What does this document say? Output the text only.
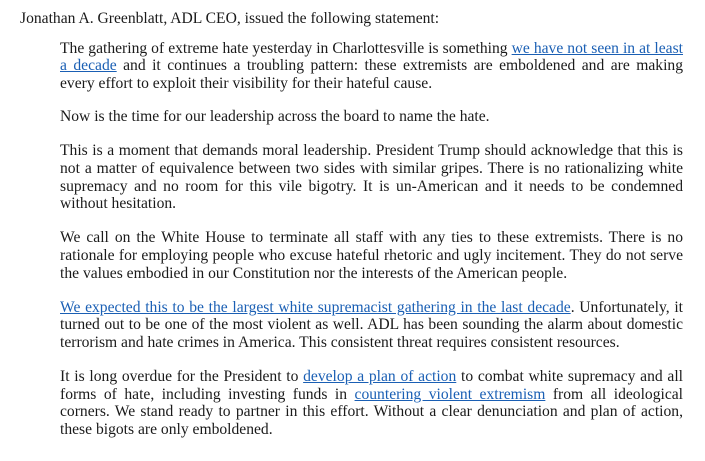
Jonathan A. Greenblatt, ADL CEO, issued the following statement:

The gathering of extreme hate yesterday in Charlottesville is something we have not seen in at least a decade and it continues a troubling pattern: these extremists are emboldened and are making every effort to exploit their visibility for their hateful cause.

Now is the time for our leadership across the board to name the hate.

This is a moment that demands moral leadership. President Trump should acknowledge that this is not a matter of equivalence between two sides with similar gripes. There is no rationalizing white supremacy and no room for this vile bigotry. It is un-American and it needs to be condemned without hesitation.

We call on the White House to terminate all staff with any ties to these extremists. There is no rationale for employing people who excuse hateful rhetoric and ugly incitement. They do not serve the values embodied in our Constitution nor the interests of the American people.

We expected this to be the largest white supremacist gathering in the last decade. Unfortunately, it turned out to be one of the most violent as well. ADL has been sounding the alarm about domestic terrorism and hate crimes in America. This consistent threat requires consistent resources.

It is long overdue for the President to develop a plan of action to combat white supremacy and all forms of hate, including investing funds in countering violent extremism from all ideological corners. We stand ready to partner in this effort. Without a clear denunciation and plan of action, these bigots are only emboldened.
